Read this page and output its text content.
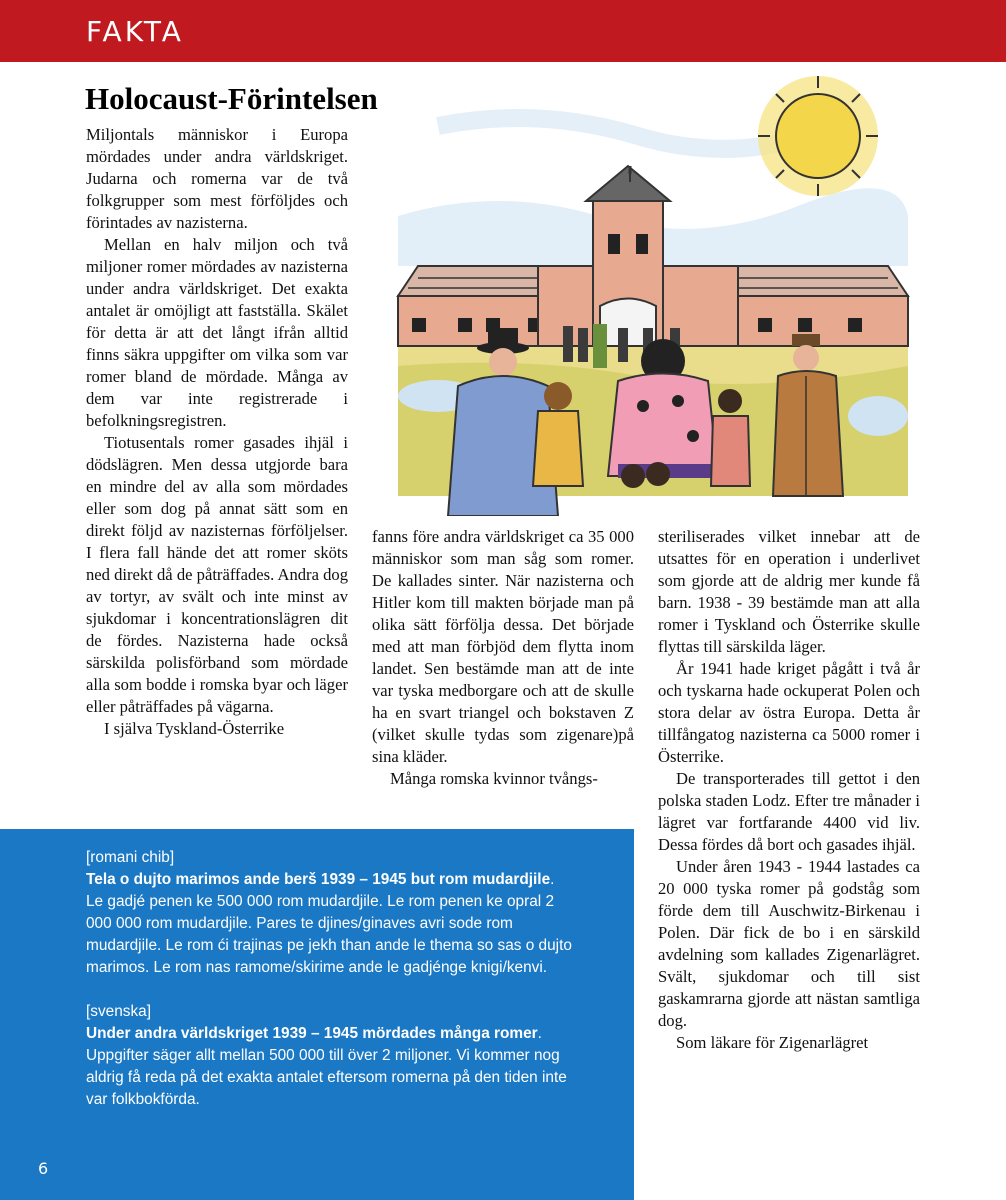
FAKTA
Holocaust-Förintelsen

Miljontals människor i Europa mördades under andra världskriget. Judarna och romerna var de två folkgrupper som mest förföljdes och förintades av nazisterna.

Mellan en halv miljon och två miljoner romer mördades av nazisterna under andra världskriget. Det exakta antalet är omöjligt att fastställa. Skälet för detta är att det långt ifrån alltid finns säkra uppgifter om vilka som var romer bland de mördade. Många av dem var inte registrerade i befolkningsregistren.

Tiotusentals romer gasades ihjäl i dödslägren. Men dessa utgjorde bara en mindre del av alla som mördades eller som dog på annat sätt som en direkt följd av nazisternas förföljelser. I flera fall hände det att romer sköts ned direkt då de påträffades. Andra dog av tortyr, av svält och inte minst av sjukdomar i koncentrationslägren dit de fördes. Nazisterna hade också särskilda polisförband som mördade alla som bodde i romska byar och läger eller påträffades på vägarna.

I själva Tyskland-Österrike

fanns före andra världskriget ca 35 000 människor som man såg som romer. De kallades sinter. När nazisterna och Hitler kom till makten började man på olika sätt förfölja dessa. Det började med att man förbjöd dem flytta inom landet. Sen bestämde man att de inte var tyska medborgare och att de skulle ha en svart triangel och bokstaven Z (vilket skulle tydas som zigenare)på sina kläder.

Många romska kvinnor tvångs-

steriliserades vilket innebar att de utsattes för en operation i underlivet som gjorde att de aldrig mer kunde få barn. 1938 - 39 bestämde man att alla romer i Tyskland och Österrike skulle flyttas till särskilda läger.

År 1941 hade kriget pågått i två år och tyskarna hade ockuperat Polen och stora delar av östra Europa. Detta år tillfångatog nazisterna ca 5000 romer i Österrike.

De transporterades till gettot i den polska staden Lodz. Efter tre månader i lägret var fortfarande 4400 vid liv. Dessa fördes då bort och gasades ihjäl.

Under åren 1943 - 1944 lastades ca 20 000 tyska romer på godståg som förde dem till Auschwitz-Birkenau i Polen. Där fick de bo i en särskild avdelning som kallades Zigenarlägret. Svält, sjukdomar och till sist gaskamrarna gjorde att nästan samtliga dog.

Som läkare för Zigenarlägret

[romani chib]

Tela o dujto marimos ande berš 1939 – 1945 but rom mudardjile. Le gadjé penen ke 500 000 rom mudardjile. Le rom penen ke opral 2 000 000 rom mudardjile. Pares te djines/ginaves avri sode rom mudardjile. Le rom ći trajinas pe jekh than ande le thema so sas o dujto marimos. Le rom nas ramome/skirime ande le gadjénge knigi/kenvi.

[svenska]

Under andra världskriget 1939 – 1945 mördades många romer. Uppgifter säger allt mellan 500 000 till över 2 miljoner. Vi kommer nog aldrig få reda på det exakta antalet eftersom romerna på den tiden inte var folkbokförda.

6
